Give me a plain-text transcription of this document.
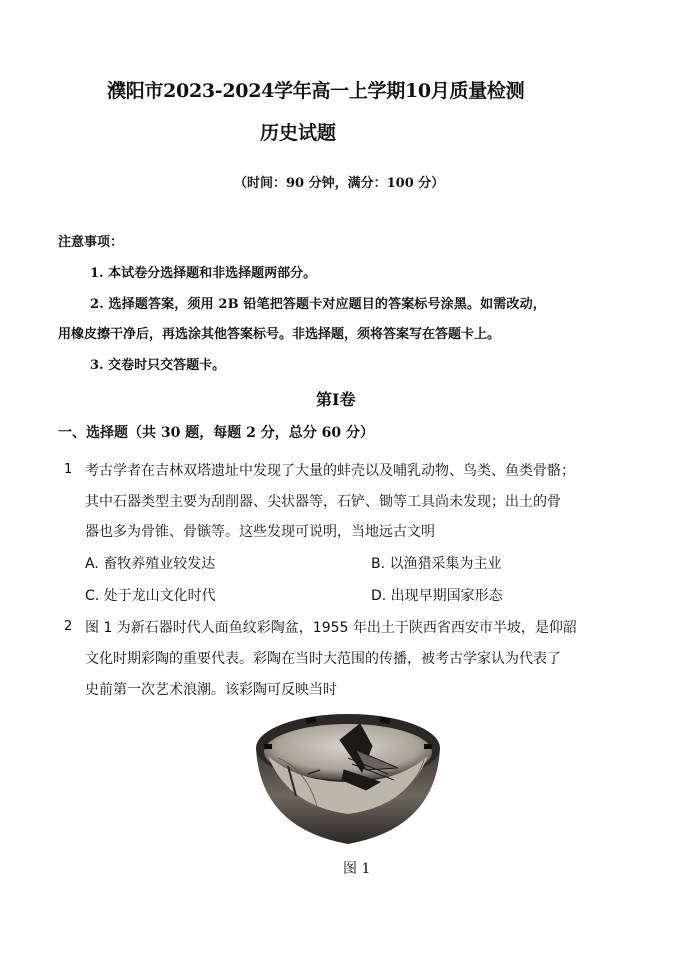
濮阳市2023-2024学年高一上学期10月质量检测
历史试题
（时间：90 分钟，满分：100 分）
注意事项：
1. 本试卷分选择题和非选择题两部分。
2. 选择题答案，须用 2B 铅笔把答题卡对应题目的答案标号涂黑。如需改动，
用橡皮擦干净后，再选涂其他答案标号。非选择题，须将答案写在答题卡上。
3. 交卷时只交答题卡。
第Ⅰ卷
一、选择题（共 30 题，每题 2 分，总分 60 分）
1 考古学者在吉林双塔遗址中发现了大量的蚌壳以及哺乳动物、鸟类、鱼类骨骼；
其中石器类型主要为刮削器、尖状器等，石铲、锄等工具尚未发现；出土的骨
器也多为骨锥、骨镞等。这些发现可说明，当地远古文明
A. 畜牧养殖业较发达	B. 以渔猎采集为主业
C. 处于龙山文化时代	D. 出现早期国家形态
2 图 1 为新石器时代人面鱼纹彩陶盆，1955 年出土于陕西省西安市半坡，是仰韶
文化时期彩陶的重要代表。彩陶在当时大范围的传播，被考古学家认为代表了
史前第一次艺术浪潮。该彩陶可反映当时
图 1
